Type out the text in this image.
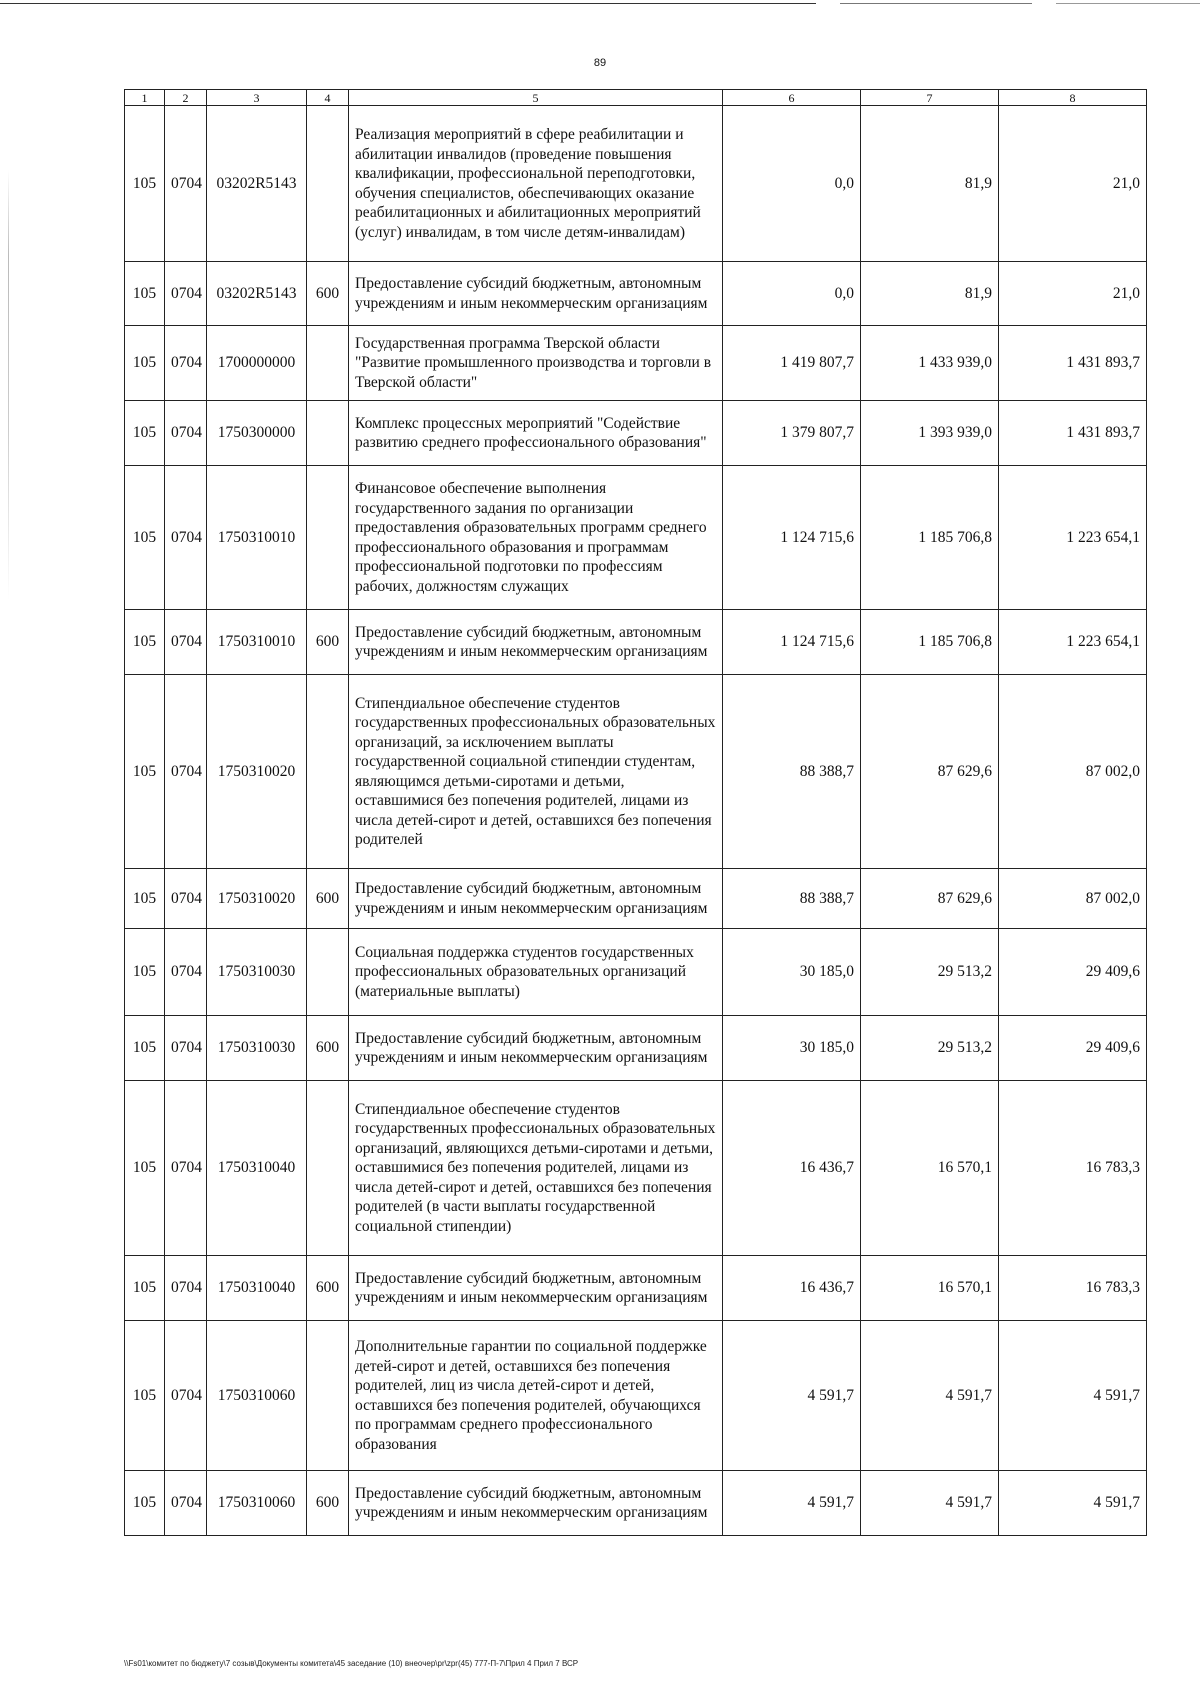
89
1	2	3	4	5	6	7	8
105	0704	03202R5143		Реализация мероприятий в сфере реабилитации и абилитации инвалидов (проведение повышения квалификации, профессиональной переподготовки, обучения специалистов, обеспечивающих оказание реабилитационных и абилитационных мероприятий (услуг) инвалидам, в том числе детям-инвалидам)	0,0	81,9	21,0
105	0704	03202R5143	600	Предоставление субсидий бюджетным, автономным учреждениям и иным некоммерческим организациям	0,0	81,9	21,0
105	0704	1700000000		Государственная программа Тверской области "Развитие промышленного производства и торговли в Тверской области"	1 419 807,7	1 433 939,0	1 431 893,7
105	0704	1750300000		Комплекс процессных мероприятий "Содействие развитию среднего профессионального образования"	1 379 807,7	1 393 939,0	1 431 893,7
105	0704	1750310010		Финансовое обеспечение выполнения государственного задания по организации предоставления образовательных программ среднего профессионального образования и программам профессиональной подготовки по профессиям рабочих, должностям служащих	1 124 715,6	1 185 706,8	1 223 654,1
105	0704	1750310010	600	Предоставление субсидий бюджетным, автономным учреждениям и иным некоммерческим организациям	1 124 715,6	1 185 706,8	1 223 654,1
105	0704	1750310020		Стипендиальное обеспечение студентов государственных профессиональных образовательных организаций, за исключением выплаты государственной социальной стипендии студентам, являющимся детьми-сиротами и детьми, оставшимися без попечения родителей, лицами из числа детей-сирот и детей, оставшихся без попечения родителей	88 388,7	87 629,6	87 002,0
105	0704	1750310020	600	Предоставление субсидий бюджетным, автономным учреждениям и иным некоммерческим организациям	88 388,7	87 629,6	87 002,0
105	0704	1750310030		Социальная поддержка студентов государственных профессиональных образовательных организаций (материальные выплаты)	30 185,0	29 513,2	29 409,6
105	0704	1750310030	600	Предоставление субсидий бюджетным, автономным учреждениям и иным некоммерческим организациям	30 185,0	29 513,2	29 409,6
105	0704	1750310040		Стипендиальное обеспечение студентов государственных профессиональных образовательных организаций, являющихся детьми-сиротами и детьми, оставшимися без попечения родителей, лицами из числа детей-сирот и детей, оставшихся без попечения родителей (в части выплаты государственной социальной стипендии)	16 436,7	16 570,1	16 783,3
105	0704	1750310040	600	Предоставление субсидий бюджетным, автономным учреждениям и иным некоммерческим организациям	16 436,7	16 570,1	16 783,3
105	0704	1750310060		Дополнительные гарантии по социальной поддержке детей-сирот и детей, оставшихся без попечения родителей, лиц из числа детей-сирот и детей, оставшихся без попечения родителей, обучающихся по программам среднего профессионального образования	4 591,7	4 591,7	4 591,7
105	0704	1750310060	600	Предоставление субсидий бюджетным, автономным учреждениям и иным некоммерческим организациям	4 591,7	4 591,7	4 591,7
\\Fs01\комитет по бюджету\7 созыв\Документы комитета\45 заседание (10) внеочер\pr\zpr(45) 777-П-7\Прил 4 Прил 7 ВСР
